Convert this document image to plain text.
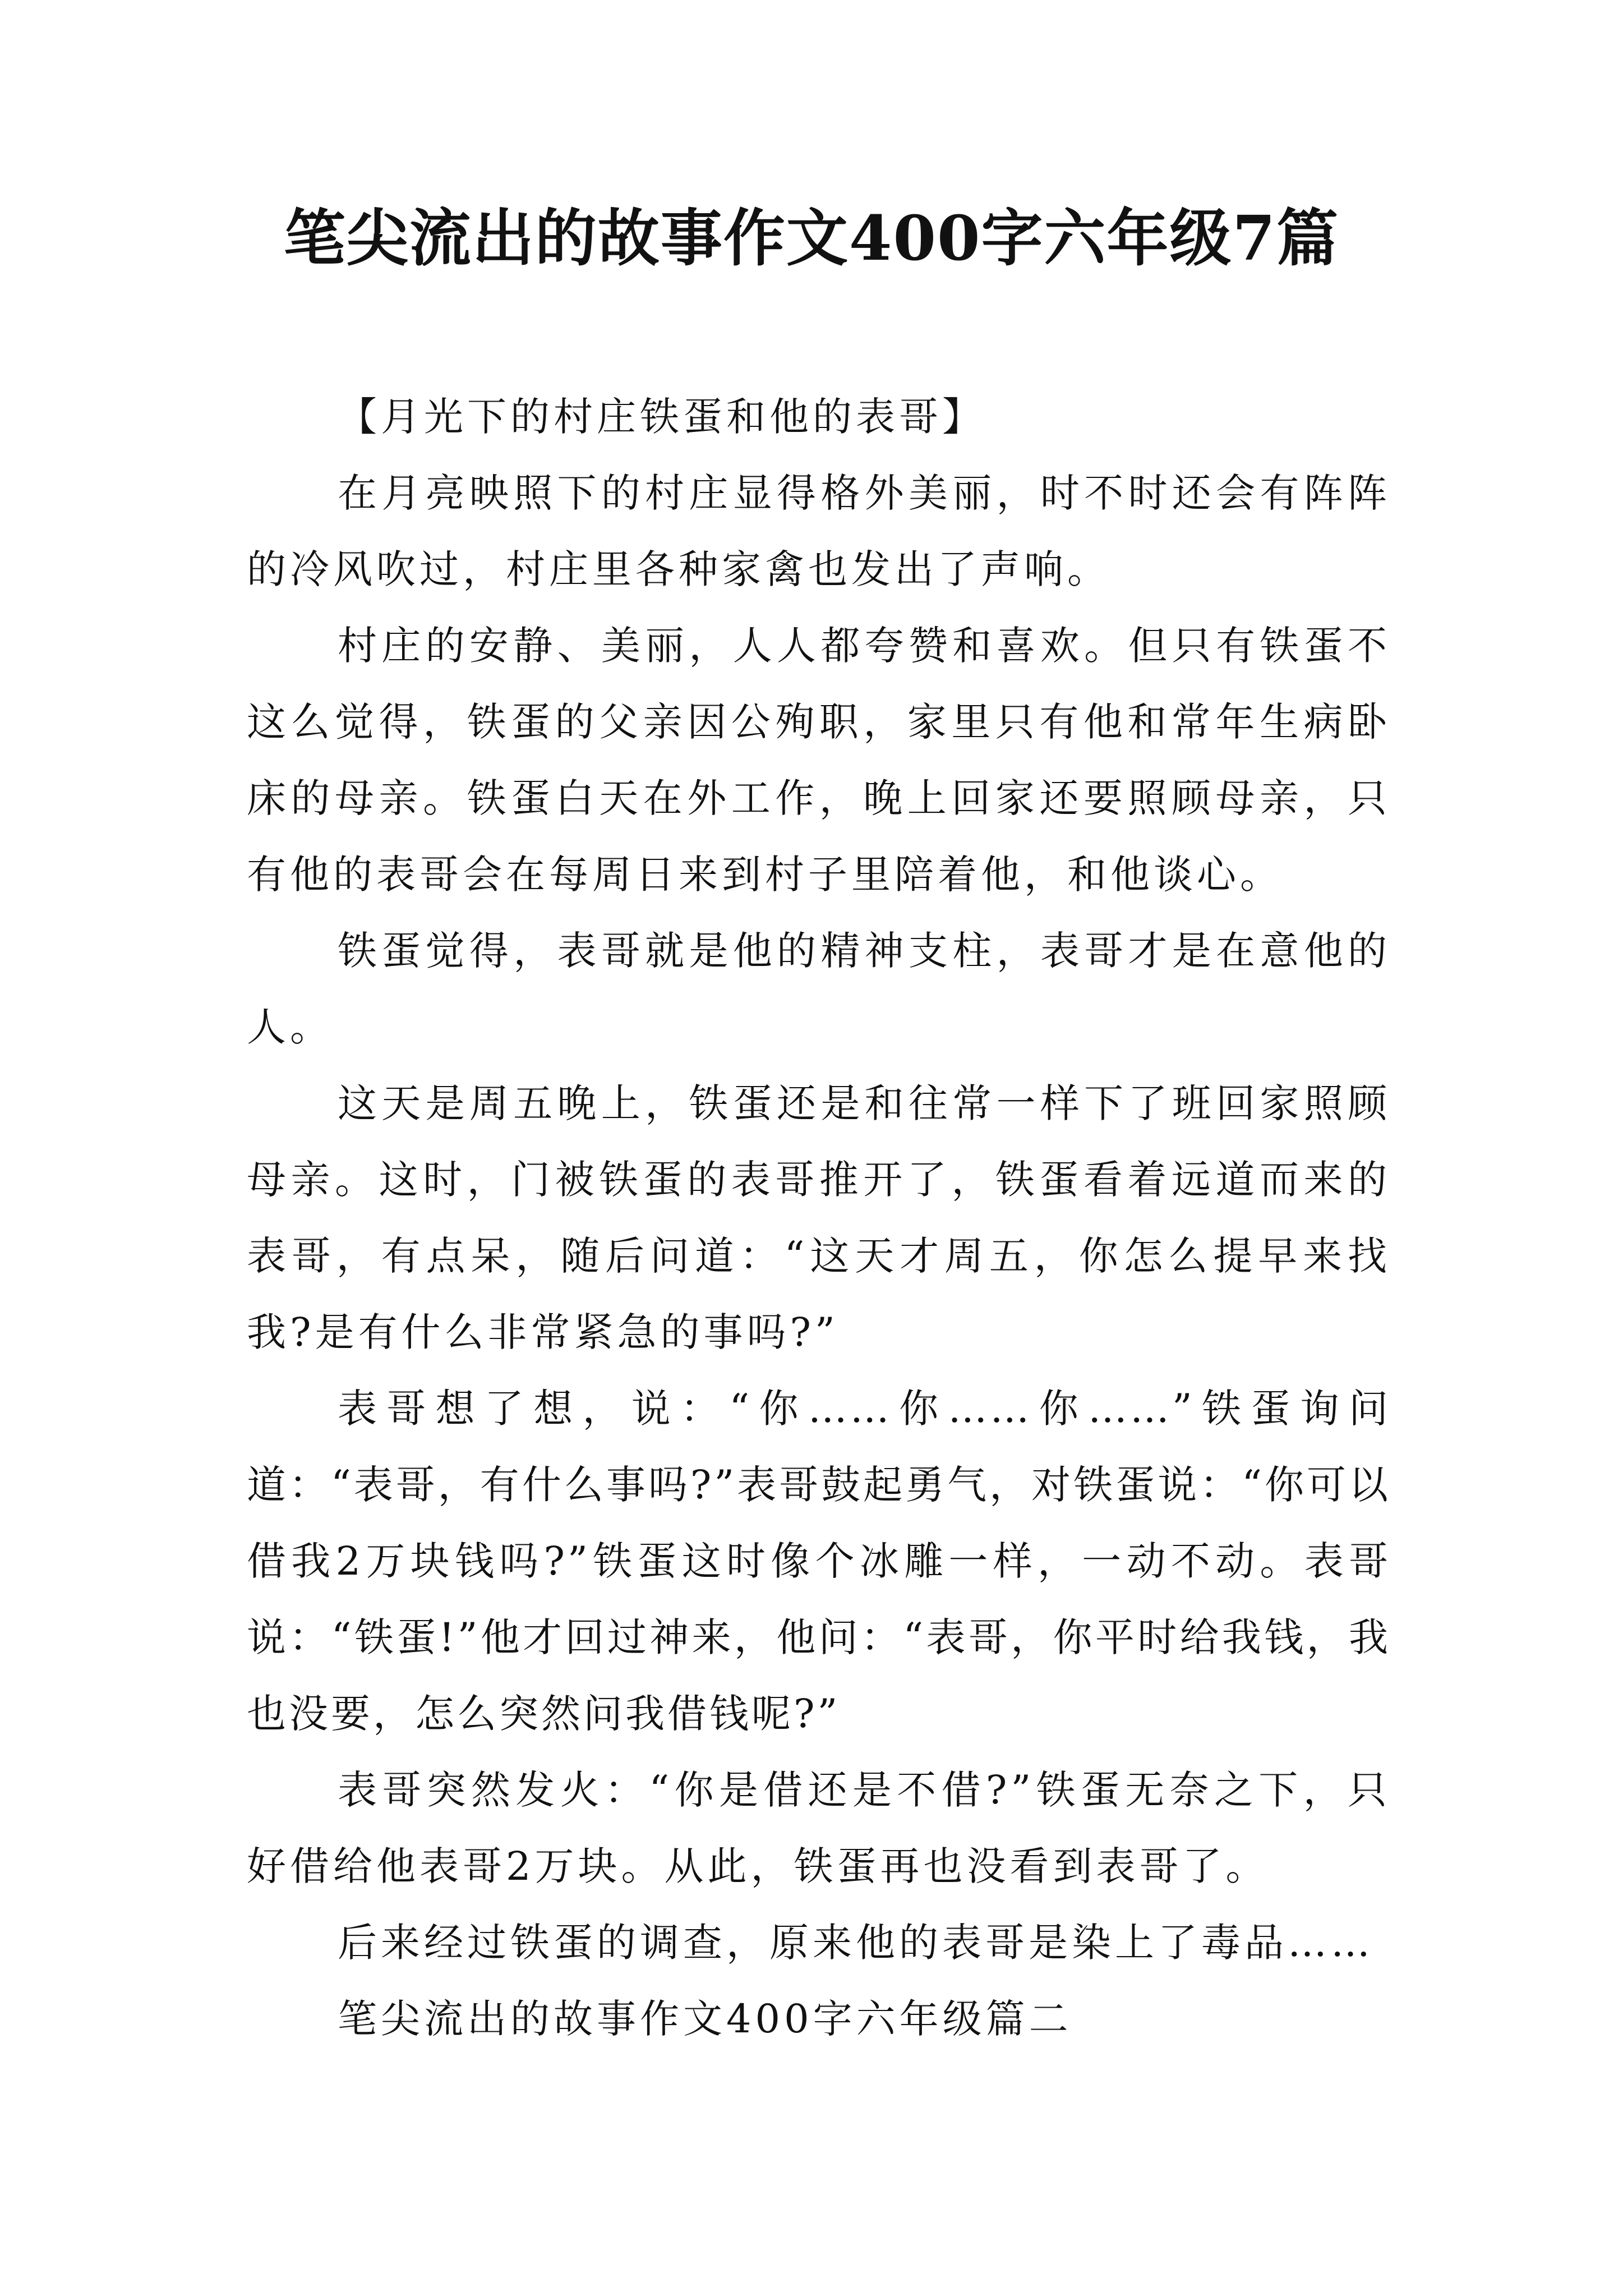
笔尖流出的故事作文400字六年级7篇

【月光下的村庄铁蛋和他的表哥】

在月亮映照下的村庄显得格外美丽，时不时还会有阵阵的冷风吹过，村庄里各种家禽也发出了声响。

村庄的安静、美丽，人人都夸赞和喜欢。但只有铁蛋不这么觉得，铁蛋的父亲因公殉职，家里只有他和常年生病卧床的母亲。铁蛋白天在外工作，晚上回家还要照顾母亲，只有他的表哥会在每周日来到村子里陪着他，和他谈心。

铁蛋觉得，表哥就是他的精神支柱，表哥才是在意他的人。

这天是周五晚上，铁蛋还是和往常一样下了班回家照顾母亲。这时，门被铁蛋的表哥推开了，铁蛋看着远道而来的表哥，有点呆，随后问道：“这天才周五，你怎么提早来找我?是有什么非常紧急的事吗?”

表哥想了想，说：“你……你……你……”铁蛋询问道：“表哥，有什么事吗?”表哥鼓起勇气，对铁蛋说：“你可以借我2万块钱吗?”铁蛋这时像个冰雕一样，一动不动。表哥说：“铁蛋!”他才回过神来，他问：“表哥，你平时给我钱，我也没要，怎么突然问我借钱呢?”

表哥突然发火：“你是借还是不借?”铁蛋无奈之下，只好借给他表哥2万块。从此，铁蛋再也没看到表哥了。

后来经过铁蛋的调查，原来他的表哥是染上了毒品……

笔尖流出的故事作文400字六年级篇二
